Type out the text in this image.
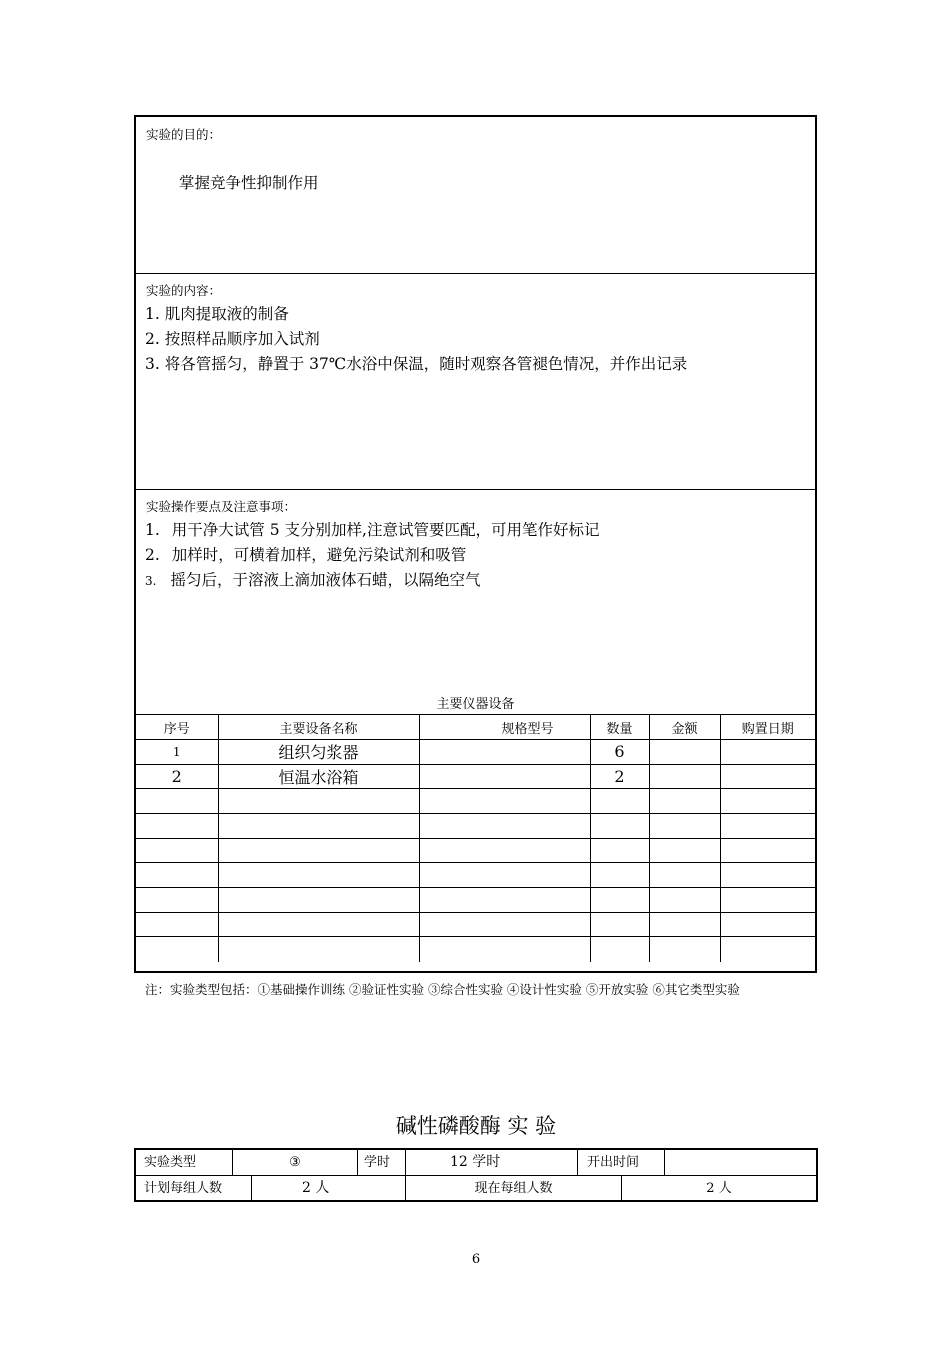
实验的目的：
掌握竞争性抑制作用
实验的内容：
1. 肌肉提取液的制备
2. 按照样品顺序加入试剂
3. 将各管摇匀，静置于 37℃水浴中保温，随时观察各管褪色情况，并作出记录
实验操作要点及注意事项：
1. 用干净大试管 5 支分别加样,注意试管要匹配，可用笔作好标记
2. 加样时，可横着加样，避免污染试剂和吸管
3. 摇匀后，于溶液上滴加液体石蜡，以隔绝空气
主要仪器设备					
序号	主要设备名称	规格型号	数量	金额	购置日期
1	组织匀浆器		6		
2	恒温水浴箱		2		

注：实验类型包括：①基础操作训练 ②验证性实验 ③综合性实验 ④设计性实验 ⑤开放实验 ⑥其它类型实验
碱性磷酸酶 实 验
实验类型	③	学时	12 学时	开出时间
计划每组人数	2 人	现在每组人数	2 人
6
